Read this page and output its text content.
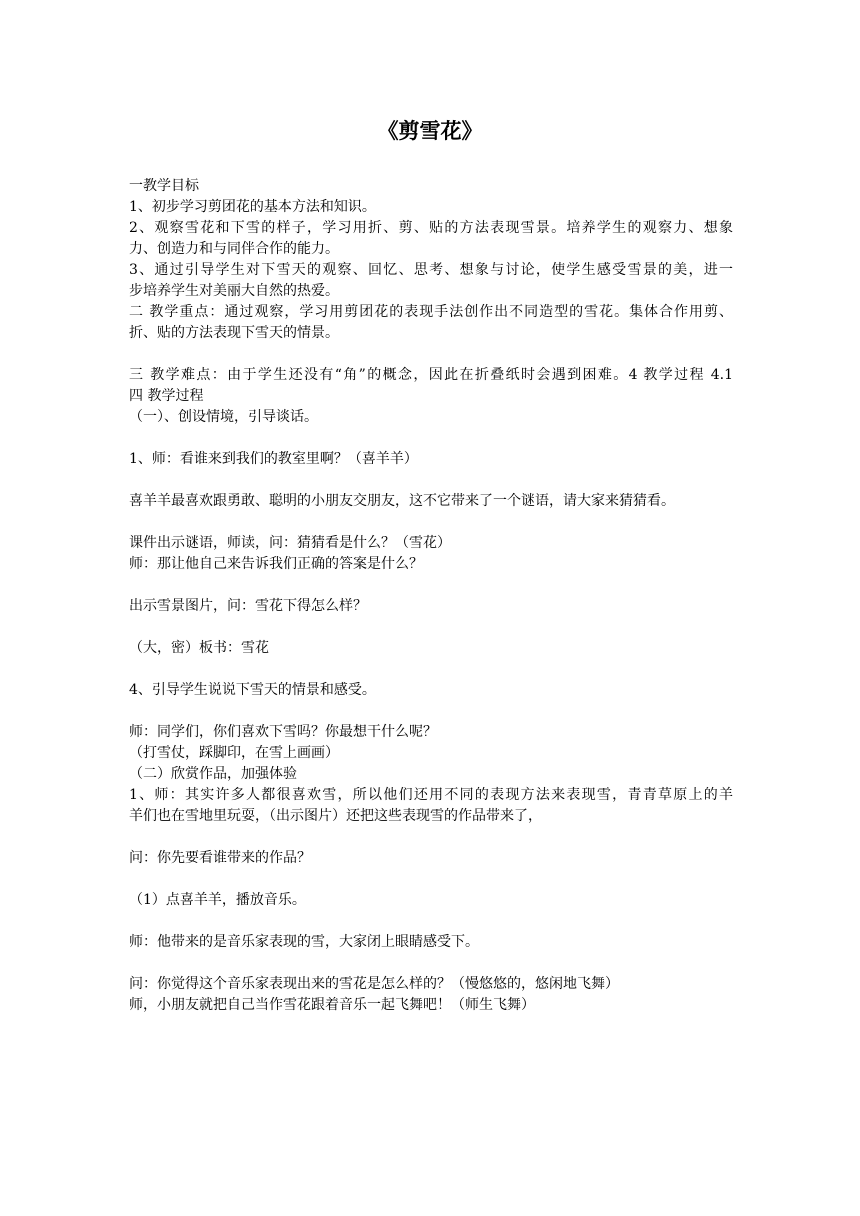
《剪雪花》
一教学目标
1、初步学习剪团花的基本方法和知识。
2、观察雪花和下雪的样子，学习用折、剪、贴的方法表现雪景。培养学生的观察力、想象
力、创造力和与同伴合作的能力。
3、通过引导学生对下雪天的观察、回忆、思考、想象与讨论，使学生感受雪景的美，进一
步培养学生对美丽大自然的热爱。
二 教学重点：通过观察，学习用剪团花的表现手法创作出不同造型的雪花。集体合作用剪、
折、贴的方法表现下雪天的情景。
三 教学难点：由于学生还没有“角”的概念，因此在折叠纸时会遇到困难。4 教学过程 4.1
四 教学过程
（一）、创设情境，引导谈话。
1、师：看谁来到我们的教室里啊？（喜羊羊）
喜羊羊最喜欢跟勇敢、聪明的小朋友交朋友，这不它带来了一个谜语，请大家来猜猜看。
课件出示谜语，师读，问：猜猜看是什么？（雪花）
师：那让他自己来告诉我们正确的答案是什么？
出示雪景图片，问：雪花下得怎么样？
（大，密）板书：雪花
4、引导学生说说下雪天的情景和感受。
师：同学们，你们喜欢下雪吗？你最想干什么呢？
（打雪仗，踩脚印，在雪上画画）
（二）欣赏作品，加强体验
1、师：其实许多人都很喜欢雪，所以他们还用不同的表现方法来表现雪，青青草原上的羊
羊们也在雪地里玩耍，（出示图片）还把这些表现雪的作品带来了，
问：你先要看谁带来的作品？
（1）点喜羊羊，播放音乐。
师：他带来的是音乐家表现的雪，大家闭上眼睛感受下。
问：你觉得这个音乐家表现出来的雪花是怎么样的？（慢悠悠的，悠闲地飞舞）
师，小朋友就把自己当作雪花跟着音乐一起飞舞吧！（师生飞舞）
